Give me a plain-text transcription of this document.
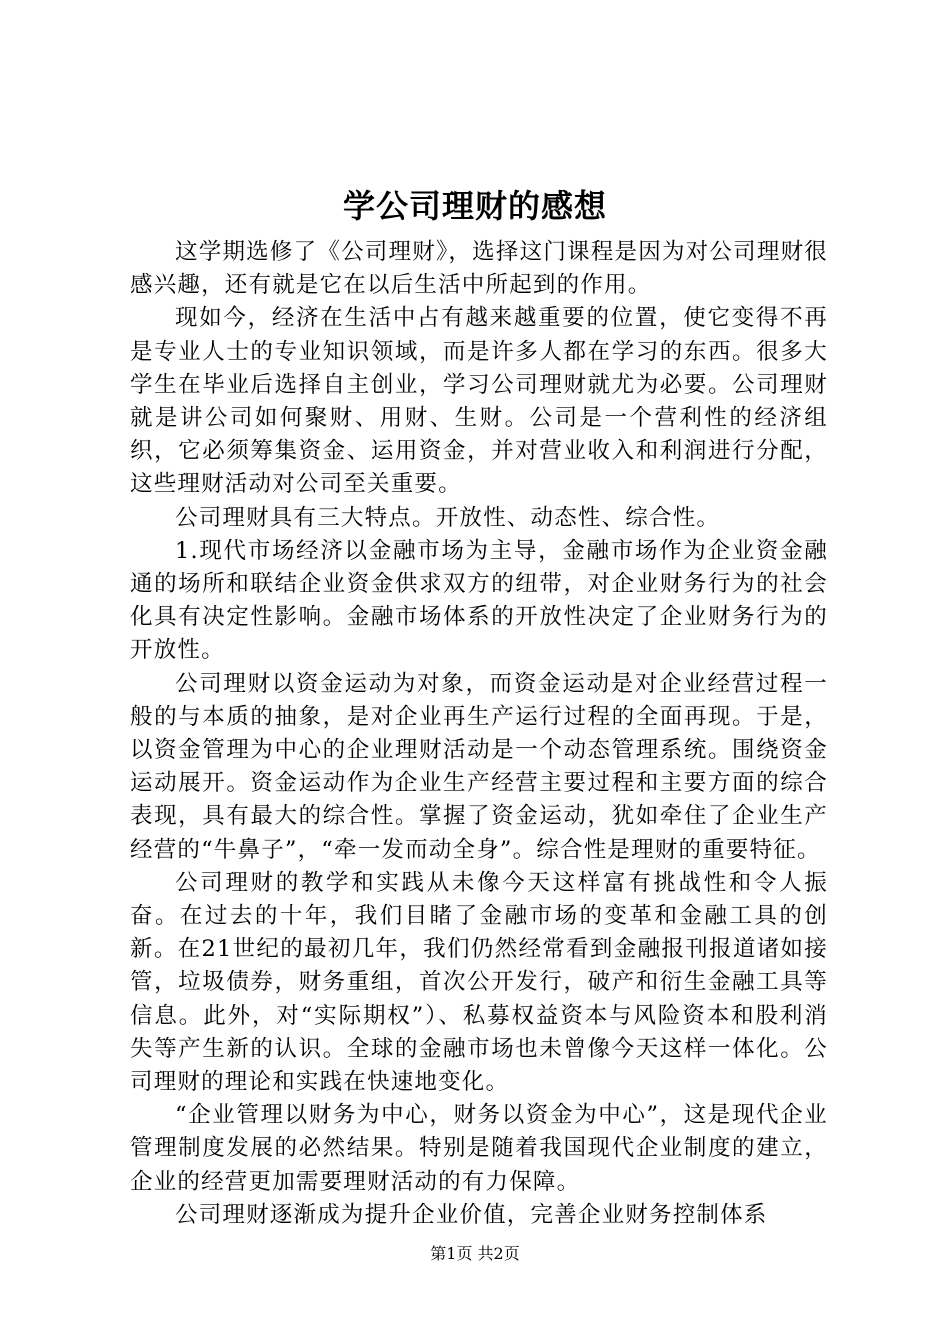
学公司理财的感想

这学期选修了《公司理财》，选择这门课程是因为对公司理财很感兴趣，还有就是它在以后生活中所起到的作用。

现如今，经济在生活中占有越来越重要的位置，使它变得不再是专业人士的专业知识领域，而是许多人都在学习的东西。很多大学生在毕业后选择自主创业，学习公司理财就尤为必要。公司理财就是讲公司如何聚财、用财、生财。公司是一个营利性的经济组织，它必须筹集资金、运用资金，并对营业收入和利润进行分配，这些理财活动对公司至关重要。

公司理财具有三大特点。开放性、动态性、综合性。

1.现代市场经济以金融市场为主导，金融市场作为企业资金融通的场所和联结企业资金供求双方的纽带，对企业财务行为的社会化具有决定性影响。金融市场体系的开放性决定了企业财务行为的开放性。

公司理财以资金运动为对象，而资金运动是对企业经营过程一般的与本质的抽象，是对企业再生产运行过程的全面再现。于是，以资金管理为中心的企业理财活动是一个动态管理系统。围绕资金运动展开。资金运动作为企业生产经营主要过程和主要方面的综合表现，具有最大的综合性。掌握了资金运动，犹如牵住了企业生产经营的“牛鼻子”，“牵一发而动全身”。综合性是理财的重要特征。

公司理财的教学和实践从未像今天这样富有挑战性和令人振奋。在过去的十年，我们目睹了金融市场的变革和金融工具的创新。在21世纪的最初几年，我们仍然经常看到金融报刊报道诸如接管，垃圾债券，财务重组，首次公开发行，破产和衍生金融工具等信息。此外，对“实际期权”）、私募权益资本与风险资本和股利消失等产生新的认识。全球的金融市场也未曾像今天这样一体化。公司理财的理论和实践在快速地变化。

“企业管理以财务为中心，财务以资金为中心”，这是现代企业管理制度发展的必然结果。特别是随着我国现代企业制度的建立，企业的经营更加需要理财活动的有力保障。

公司理财逐渐成为提升企业价值，完善企业财务控制体系

第1页 共2页
